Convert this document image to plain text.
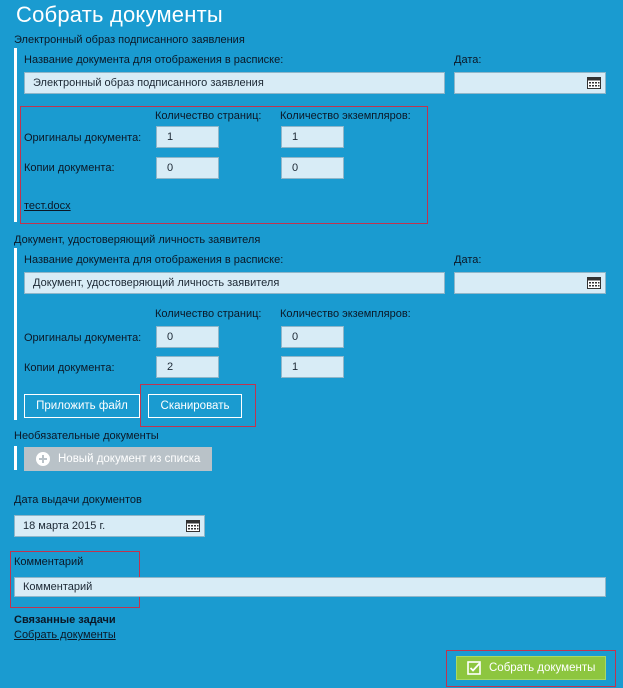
Собрать документы
Электронный образ подписанного заявления
Название документа для отображения в расписке:	Дата:
Электронный образ подписанного заявления
Количество страниц: Количество экземпляров:
Оригиналы документа: 1	1
Копии документа:	0	0
тест.docx
Документ, удостоверяющий личность заявителя
Название документа для отображения в расписке:	Дата:
Документ, удостоверяющий личность заявителя
Количество страниц: Количество экземпляров:
Оригиналы документа: 0	0
Копии документа:	2	1
Приложить файл	Сканировать
Необязательные документы
Новый документ из списка
Дата выдачи документов
18 марта 2015 г.
Комментарий
Комментарий
Связанные задачи
Собрать документы
Собрать документы
